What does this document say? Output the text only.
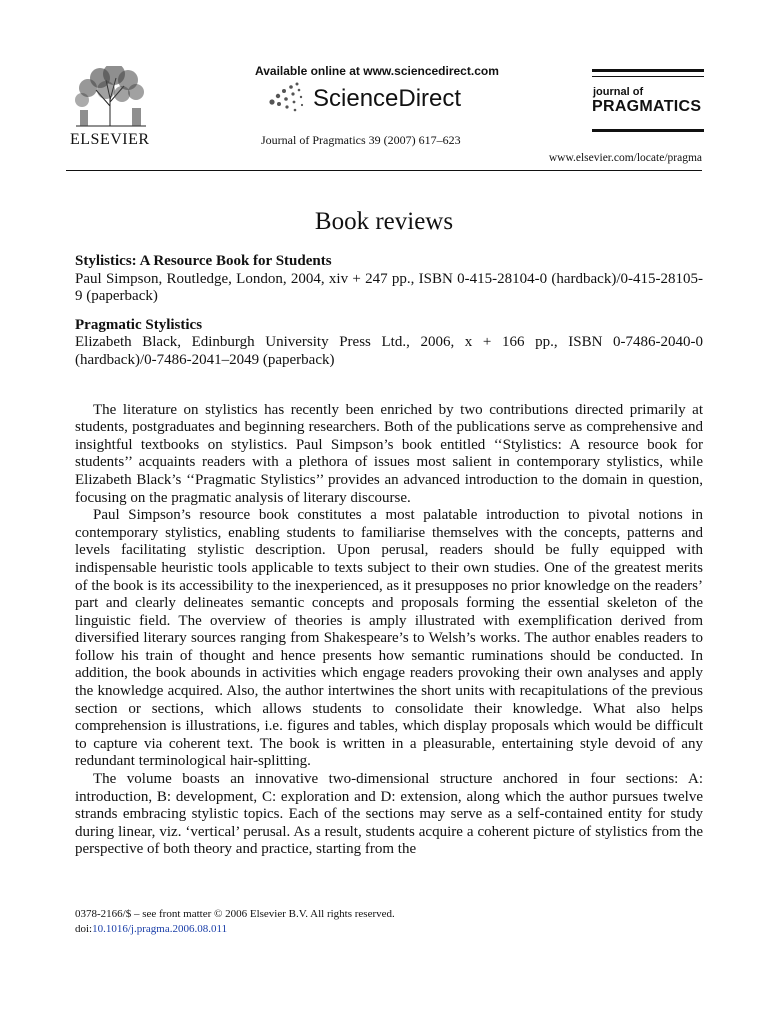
ELSEVIER
Available online at www.sciencedirect.com
ScienceDirect
Journal of Pragmatics 39 (2007) 617–623
journal of
PRAGMATICS
www.elsevier.com/locate/pragma
Book reviews
Stylistics: A Resource Book for Students
Paul Simpson, Routledge, London, 2004, xiv + 247 pp., ISBN 0-415-28104-0 (hardback)/0-415-28105-9 (paperback)
Pragmatic Stylistics
Elizabeth Black, Edinburgh University Press Ltd., 2006, x + 166 pp., ISBN 0-7486-2040-0 (hardback)/0-7486-2041–2049 (paperback)

The literature on stylistics has recently been enriched by two contributions directed primarily at students, postgraduates and beginning researchers. Both of the publications serve as comprehensive and insightful textbooks on stylistics. Paul Simpson’s book entitled ‘‘Stylistics: A resource book for students’’ acquaints readers with a plethora of issues most salient in contemporary stylistics, while Elizabeth Black’s ‘‘Pragmatic Stylistics’’ provides an advanced introduction to the domain in question, focusing on the pragmatic analysis of literary discourse.

Paul Simpson’s resource book constitutes a most palatable introduction to pivotal notions in contemporary stylistics, enabling students to familiarise themselves with the concepts, patterns and levels facilitating stylistic description. Upon perusal, readers should be fully equipped with indispensable heuristic tools applicable to texts subject to their own studies. One of the greatest merits of the book is its accessibility to the inexperienced, as it presupposes no prior knowledge on the readers’ part and clearly delineates semantic concepts and proposals forming the essential skeleton of the linguistic field. The overview of theories is amply illustrated with exemplification derived from diversified literary sources ranging from Shakespeare’s to Welsh’s works. The author enables readers to follow his train of thought and hence presents how semantic ruminations should be conducted. In addition, the book abounds in activities which engage readers provoking their own analyses and apply the knowledge acquired. Also, the author intertwines the short units with recapitulations of the previous section or sections, which allows students to consolidate their knowledge. What also helps comprehension is illustrations, i.e. figures and tables, which display proposals which would be difficult to capture via coherent text. The book is written in a pleasurable, entertaining style devoid of any redundant terminological hair-splitting.

The volume boasts an innovative two-dimensional structure anchored in four sections: A: introduction, B: development, C: exploration and D: extension, along which the author pursues twelve strands embracing stylistic topics. Each of the sections may serve as a self-contained entity for study during linear, viz. ‘vertical’ perusal. As a result, students acquire a coherent picture of stylistics from the perspective of both theory and practice, starting from the

0378-2166/$ – see front matter © 2006 Elsevier B.V. All rights reserved.
doi:10.1016/j.pragma.2006.08.011
